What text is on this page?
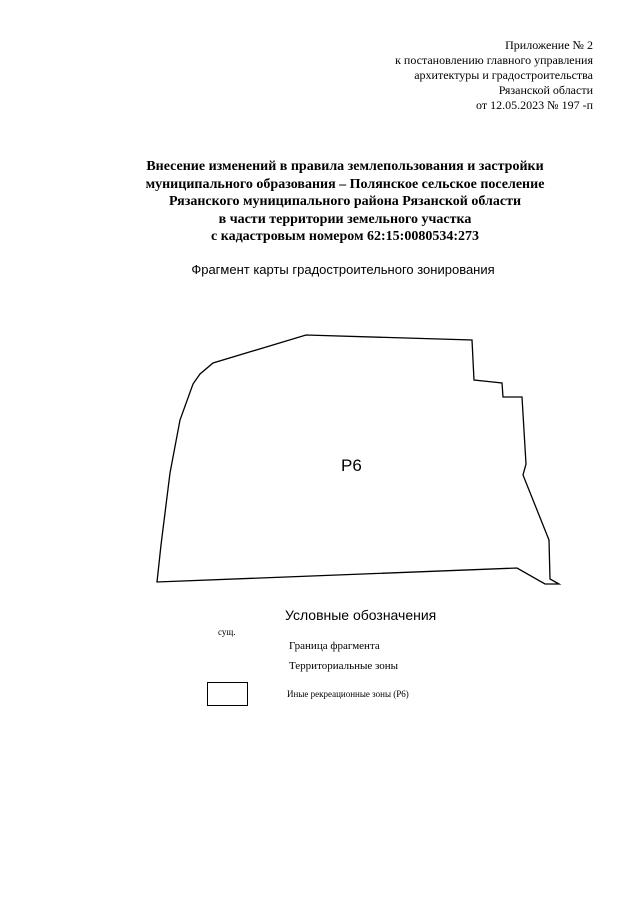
Приложение № 2
к постановлению главного управления
архитектуры и градостроительства
Рязанской области
от 12.05.2023 № 197 -п
Внесение изменений в правила землепользования и застройки
муниципального образования – Полянское сельское поселение
Рязанского муниципального района Рязанской области
в части территории земельного участка
с кадастровым номером 62:15:0080534:273
Фрагмент карты градостроительного зонирования
Р6
Условные обозначения
сущ.
Граница фрагмента
Территориальные зоны
Иные рекреационные зоны (Р6)
